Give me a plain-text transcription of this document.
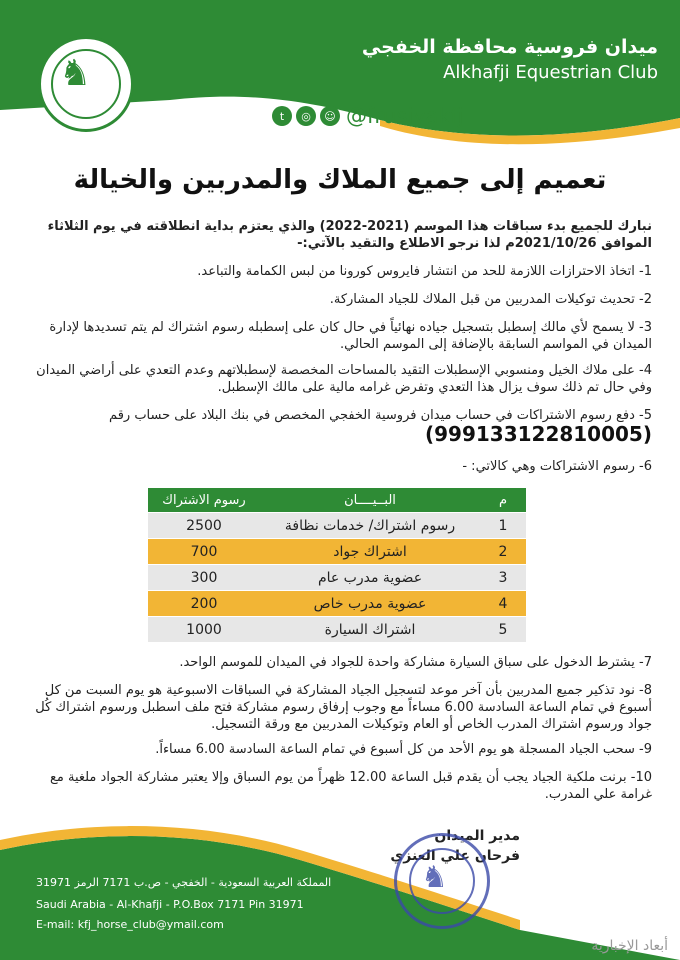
ميدان فروسية محافظة الخفجي
Alkhafji Equestrian Club
♞
t	◎	☺ @frusiyakfj
تعميم إلى جميع الملاك والمدربين والخيالة
نبارك للجميع بدء سباقات هذا الموسم (2021-2022) والذي يعتزم بداية انطلاقته في يوم الثلاثاء الموافق 2021/10/26م لذا نرجو الاطلاع والتقيد بالآتي:-
1- اتخاذ الاحترازات اللازمة للحد من انتشار فايروس كورونا من لبس الكمامة والتباعد.
2- تحديث توكيلات المدربين من قبل الملاك للجياد المشاركة.
3- لا يسمح لأي مالك إسطبل بتسجيل جياده نهائياً في حال كان على إسطبله رسوم اشتراك لم يتم تسديدها لإدارة الميدان في المواسم السابقة بالإضافة إلى الموسم الحالي.
4- على ملاك الخيل ومنسوبي الإسطبلات التقيد بالمساحات المخصصة لإسطبلاتهم وعدم التعدي على أراضي الميدان وفي حال تم ذلك سوف يزال هذا التعدي وتفرض غرامه مالية على مالك الإسطبل.
5- دفع رسوم الاشتراكات في حساب ميدان فروسية الخفجي المخصص في بنك البلاد على حساب رقم
(999133122810005)
6- رسوم الاشتراكات وهي كالاتي: -
م	البــيــــان	رسوم الاشتراك
1	رسوم اشتراك/ خدمات نظافة	2500
2	اشتراك جواد	700
3	عضوية مدرب عام	300
4	عضوية مدرب خاص	200
5	اشتراك السيارة	1000
7- يشترط الدخول على سباق السيارة مشاركة واحدة للجواد في الميدان للموسم الواحد.
8- نود تذكير جميع المدربين بأن آخر موعد لتسجيل الجياد المشاركة في السباقات الاسبوعية هو يوم السبت من كل أسبوع في تمام الساعة السادسة 6.00 مساءاً مع وجوب إرفاق رسوم مشاركة فتح ملف اسطبل ورسوم اشتراك كُل جواد ورسوم اشتراك المدرب الخاص أو العام وتوكيلات المدربين مع ورقة التسجيل.
9- سحب الجياد المسجلة هو يوم الأحد من كل أسبوع في تمام الساعة السادسة 6.00 مساءاً.
10- برنت ملكية الجياد يجب أن يقدم قبل الساعة 12.00 ظهراً من يوم السباق وإلا يعتبر مشاركة الجواد ملغية مع غرامة علي المدرب.
المملكة العربية السعودية - الخفجي - ص.ب 7171 الرمز 31971
Saudi Arabia - Al-Khafji - P.O.Box 7171 Pin 31971
E-mail: kfj_horse_club@ymail.com
مدير الميدان
فرحان علي العنزي
♞
أبعاد الإخبارية
